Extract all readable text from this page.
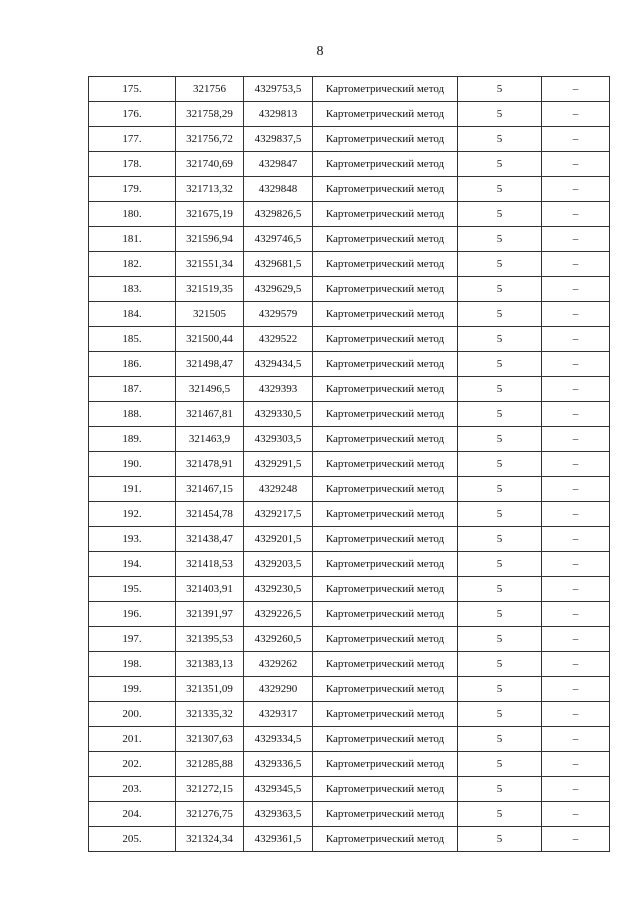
8
175.	321756	4329753,5	Картометрический метод	5	–
176.	321758,29	4329813	Картометрический метод	5	–
177.	321756,72	4329837,5	Картометрический метод	5	–
178.	321740,69	4329847	Картометрический метод	5	–
179.	321713,32	4329848	Картометрический метод	5	–
180.	321675,19	4329826,5	Картометрический метод	5	–
181.	321596,94	4329746,5	Картометрический метод	5	–
182.	321551,34	4329681,5	Картометрический метод	5	–
183.	321519,35	4329629,5	Картометрический метод	5	–
184.	321505	4329579	Картометрический метод	5	–
185.	321500,44	4329522	Картометрический метод	5	–
186.	321498,47	4329434,5	Картометрический метод	5	–
187.	321496,5	4329393	Картометрический метод	5	–
188.	321467,81	4329330,5	Картометрический метод	5	–
189.	321463,9	4329303,5	Картометрический метод	5	–
190.	321478,91	4329291,5	Картометрический метод	5	–
191.	321467,15	4329248	Картометрический метод	5	–
192.	321454,78	4329217,5	Картометрический метод	5	–
193.	321438,47	4329201,5	Картометрический метод	5	–
194.	321418,53	4329203,5	Картометрический метод	5	–
195.	321403,91	4329230,5	Картометрический метод	5	–
196.	321391,97	4329226,5	Картометрический метод	5	–
197.	321395,53	4329260,5	Картометрический метод	5	–
198.	321383,13	4329262	Картометрический метод	5	–
199.	321351,09	4329290	Картометрический метод	5	–
200.	321335,32	4329317	Картометрический метод	5	–
201.	321307,63	4329334,5	Картометрический метод	5	–
202.	321285,88	4329336,5	Картометрический метод	5	–
203.	321272,15	4329345,5	Картометрический метод	5	–
204.	321276,75	4329363,5	Картометрический метод	5	–
205.	321324,34	4329361,5	Картометрический метод	5	–
